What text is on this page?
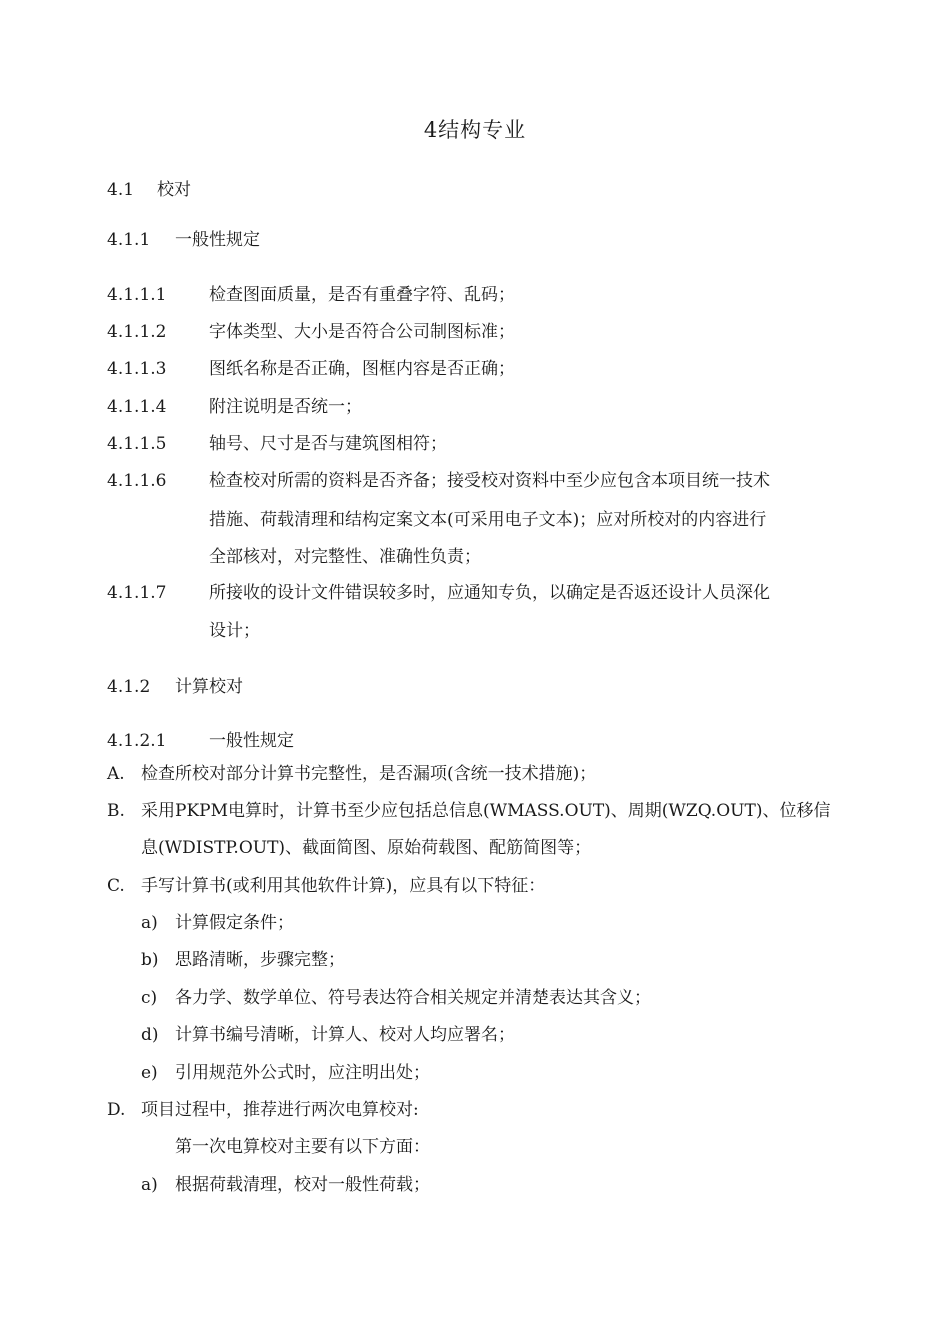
4结构专业
4.1 校对
4.1.1 一般性规定
4.1.1.1	检查图面质量，是否有重叠字符、乱码；
4.1.1.2	字体类型、大小是否符合公司制图标准；
4.1.1.3	图纸名称是否正确，图框内容是否正确；
4.1.1.4	附注说明是否统一；
4.1.1.5	轴号、尺寸是否与建筑图相符；
4.1.1.6	检查校对所需的资料是否齐备；接受校对资料中至少应包含本项目统一技术
措施、荷载清理和结构定案文本(可采用电子文本)；应对所校对的内容进行
全部核对，对完整性、准确性负责；
4.1.1.7	所接收的设计文件错误较多时，应通知专负，以确定是否返还设计人员深化
设计；
4.1.2 计算校对
4.1.2.1	一般性规定
A. 检查所校对部分计算书完整性，是否漏项(含统一技术措施)；
B. 采用PKPM电算时，计算书至少应包括总信息(WMASS.OUT)、周期(WZQ.OUT)、位移信
息(WDISTP.OUT)、截面简图、原始荷载图、配筋简图等；
C. 手写计算书(或利用其他软件计算)，应具有以下特征：
a) 计算假定条件；
b) 思路清晰，步骤完整；
c) 各力学、数学单位、符号表达符合相关规定并清楚表达其含义；
d) 计算书编号清晰，计算人、校对人均应署名；
e) 引用规范外公式时，应注明出处；
D. 项目过程中，推荐进行两次电算校对:
第一次电算校对主要有以下方面：
a) 根据荷载清理，校对一般性荷载；
